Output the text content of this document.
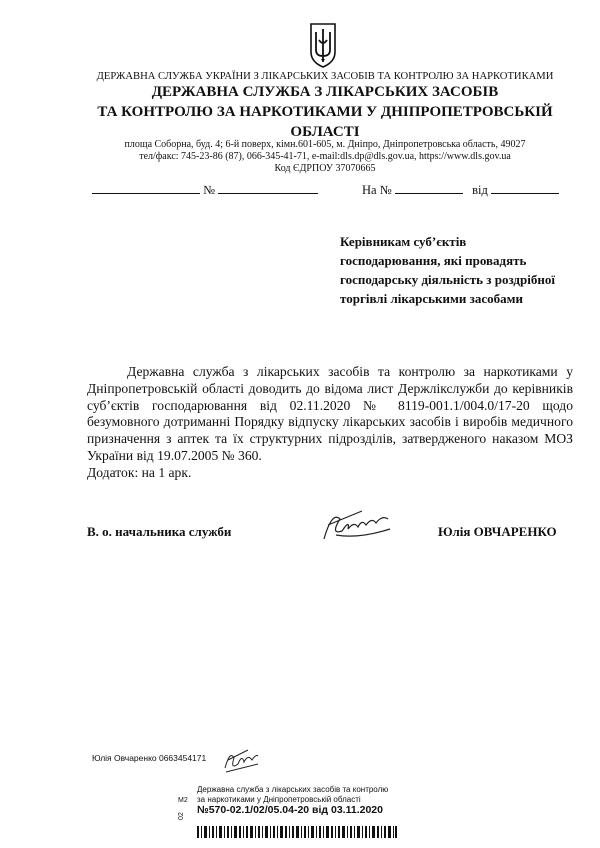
ДЕРЖАВНА СЛУЖБА УКРАЇНИ З ЛІКАРСЬКИХ ЗАСОБІВ ТА КОНТРОЛЮ ЗА НАРКОТИКАМИ
ДЕРЖАВНА СЛУЖБА З ЛІКАРСЬКИХ ЗАСОБІВ
ТА КОНТРОЛЮ ЗА НАРКОТИКАМИ У ДНІПРОПЕТРОВСЬКІЙ
ОБЛАСТІ
площа Соборна, буд. 4; 6-й поверх, кімн.601-605, м. Дніпро, Дніпропетровська область, 49027
тел/факс: 745-23-86 (87), 066-345-41-71, e-mail:dls.dp@dls.gov.ua, https://www.dls.gov.ua
Код ЄДРПОУ 37070665
№	На №	від
Керівникам суб’єктів
господарювання, які провадять
господарську діяльність з роздрібної
торгівлі лікарськими засобами

Державна служба з лікарських засобів та контролю за наркотиками у Дніпропетровській області доводить до відома лист Держлікслужби до керівників суб’єктів господарювання від 02.11.2020 № 8119-001.1/004.0/17-20 щодо безумовного дотриманні Порядку відпуску лікарських засобів і виробів медичного призначення з аптек та їх структурних підрозділів, затвердженого наказом МОЗ України від 19.07.2005 № 360.

Додаток: на 1 арк.

В. о. начальника служби	Юлія ОВЧАРЕНКО
Юлія Овчаренко 0663454171
M2
Державна служба з лікарських засобів та контролю
за наркотиками у Дніпропетровській області
№570-02.1/02/05.04-20 від 03.11.2020
02
